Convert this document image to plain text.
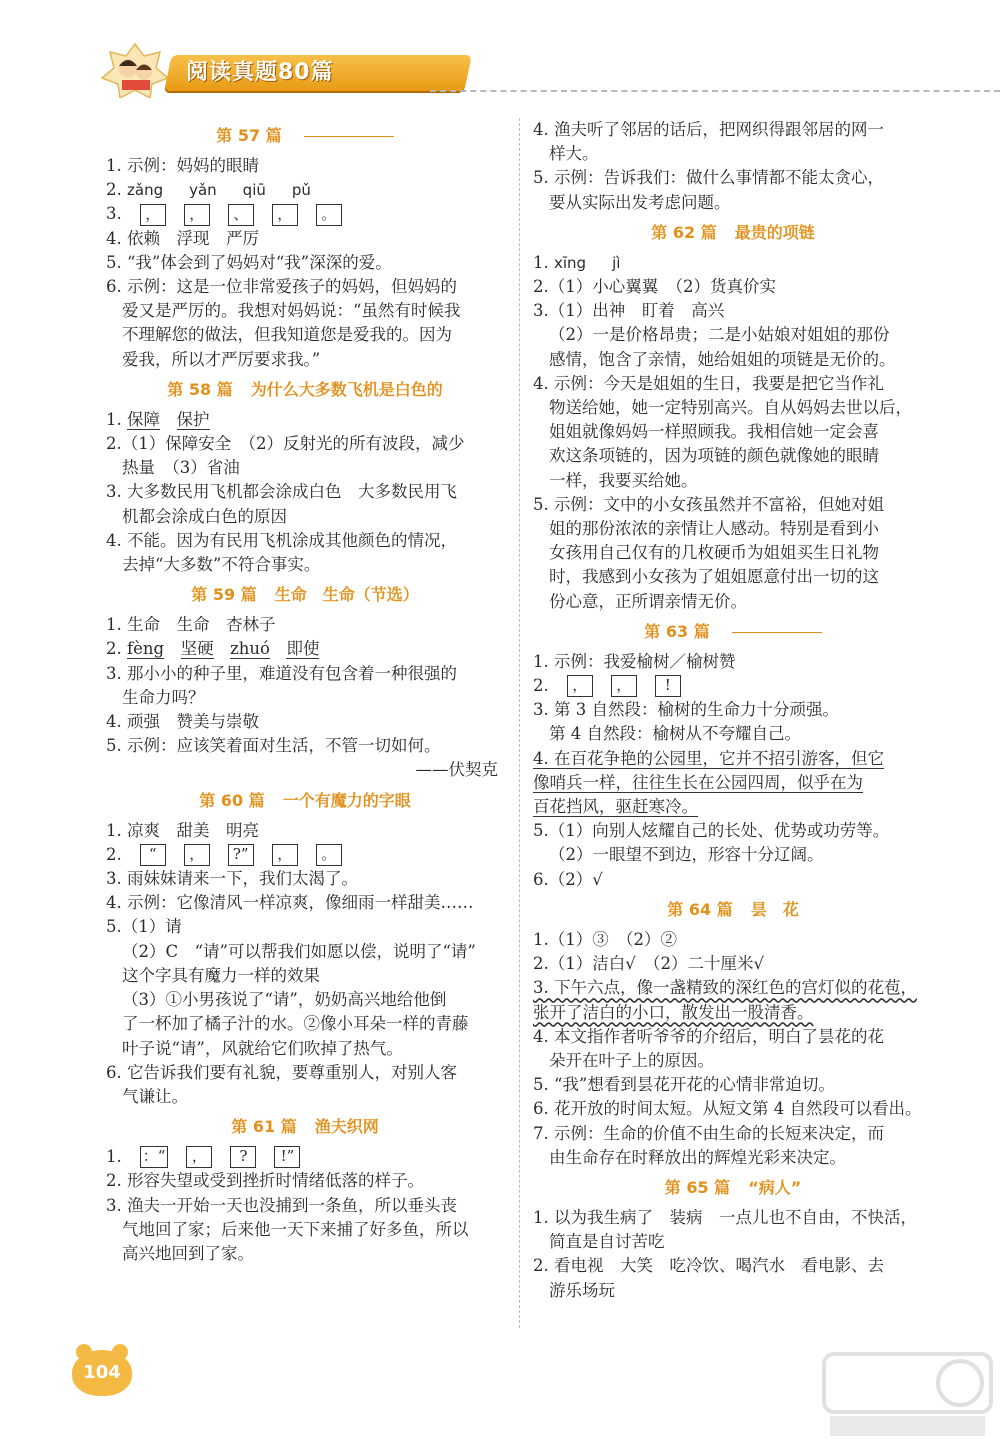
阅读真题80篇
第 57 篇
1. 示例：妈妈的眼睛
2. zǎng yǎn qiū pǔ
3.	，	，	、	，	。
4. 依赖　浮现　严厉
5. “我”体会到了妈妈对“我”深深的爱。
6. 示例：这是一位非常爱孩子的妈妈，但妈妈的
爱又是严厉的。我想对妈妈说：“虽然有时候我
不理解您的做法，但我知道您是爱我的。因为
爱我，所以才严厉要求我。”
第 58 篇 为什么大多数飞机是白色的
1. 保障　 保护
2.（1）保障安全　（2）反射光的所有波段，减少
热量　（3）省油
3. 大多数民用飞机都会涂成白色　大多数民用飞
机都会涂成白色的原因
4. 不能。因为有民用飞机涂成其他颜色的情况，
去掉“大多数”不符合事实。
第 59 篇 生命　生命（节选）
1. 生命　生命　杏林子
2. fèng　 坚硬　 zhuó　 即使
3. 那小小的种子里，难道没有包含着一种很强的
生命力吗？
4. 顽强　赞美与崇敬
5. 示例：应该笑着面对生活，不管一切如何。
——伏契克
第 60 篇 一个有魔力的字眼
1. 凉爽　甜美　明亮
2.	“	，	?”	，	。
3. 雨妹妹请来一下，我们太渴了。
4. 示例：它像清风一样凉爽，像细雨一样甜美……
5.（1）请
（2）C　“请”可以帮我们如愿以偿，说明了“请”
这个字具有魔力一样的效果
（3）①小男孩说了“请”，奶奶高兴地给他倒
了一杯加了橘子汁的水。②像小耳朵一样的青藤
叶子说“请”，风就给它们吹掉了热气。
6. 它告诉我们要有礼貌，要尊重别人，对别人客
气谦让。
第 61 篇 渔夫织网
1. ：“	，	?	!”
2. 形容失望或受到挫折时情绪低落的样子。
3. 渔夫一开始一天也没捕到一条鱼，所以垂头丧
气地回了家；后来他一天下来捕了好多鱼，所以
高兴地回到了家。
4. 渔夫听了邻居的话后，把网织得跟邻居的网一
样大。
5. 示例：告诉我们：做什么事情都不能太贪心，
要从实际出发考虑问题。
第 62 篇 最贵的项链
1. xīng jì
2.（1）小心翼翼　（2）货真价实
3.（1）出神　盯着　高兴
（2）一是价格昂贵；二是小姑娘对姐姐的那份
感情，饱含了亲情，她给姐姐的项链是无价的。
4. 示例：今天是姐姐的生日，我要是把它当作礼
物送给她，她一定特别高兴。自从妈妈去世以后，
姐姐就像妈妈一样照顾我。我相信她一定会喜
欢这条项链的，因为项链的颜色就像她的眼睛
一样，我要买给她。
5. 示例：文中的小女孩虽然并不富裕，但她对姐
姐的那份浓浓的亲情让人感动。特别是看到小
女孩用自己仅有的几枚硬币为姐姐买生日礼物
时，我感到小女孩为了姐姐愿意付出一切的这
份心意，正所谓亲情无价。
第 63 篇
1. 示例：我爱榆树／榆树赞
2.	，	，	!
3. 第 3 自然段：榆树的生命力十分顽强。
第 4 自然段：榆树从不夸耀自己。
4. 在百花争艳的公园里，它并不招引游客，但它
像哨兵一样，往往生长在公园四周，似乎在为
百花挡风，驱赶寒冷。
5.（1）向别人炫耀自己的长处、优势或功劳等。
（2）一眼望不到边，形容十分辽阔。
6.（2）√
第 64 篇 昙　花
1.（1）③　（2）②
2.（1）洁白√　（2）二十厘米√
3. 下午六点，像一盏精致的深红色的宫灯似的花苞，
张开了洁白的小口，散发出一股清香。
4. 本文指作者听爷爷的介绍后，明白了昙花的花
朵开在叶子上的原因。
5. “我”想看到昙花开花的心情非常迫切。
6. 花开放的时间太短。从短文第 4 自然段可以看出。
7. 示例：生命的价值不由生命的长短来决定，而
由生命存在时释放出的辉煌光彩来决定。
第 65 篇 “病人”
1. 以为我生病了　装病　一点儿也不自由，不快活，
简直是自讨苦吃
2. 看电视　大笑　吃冷饮、喝汽水　看电影、去
游乐场玩
104
